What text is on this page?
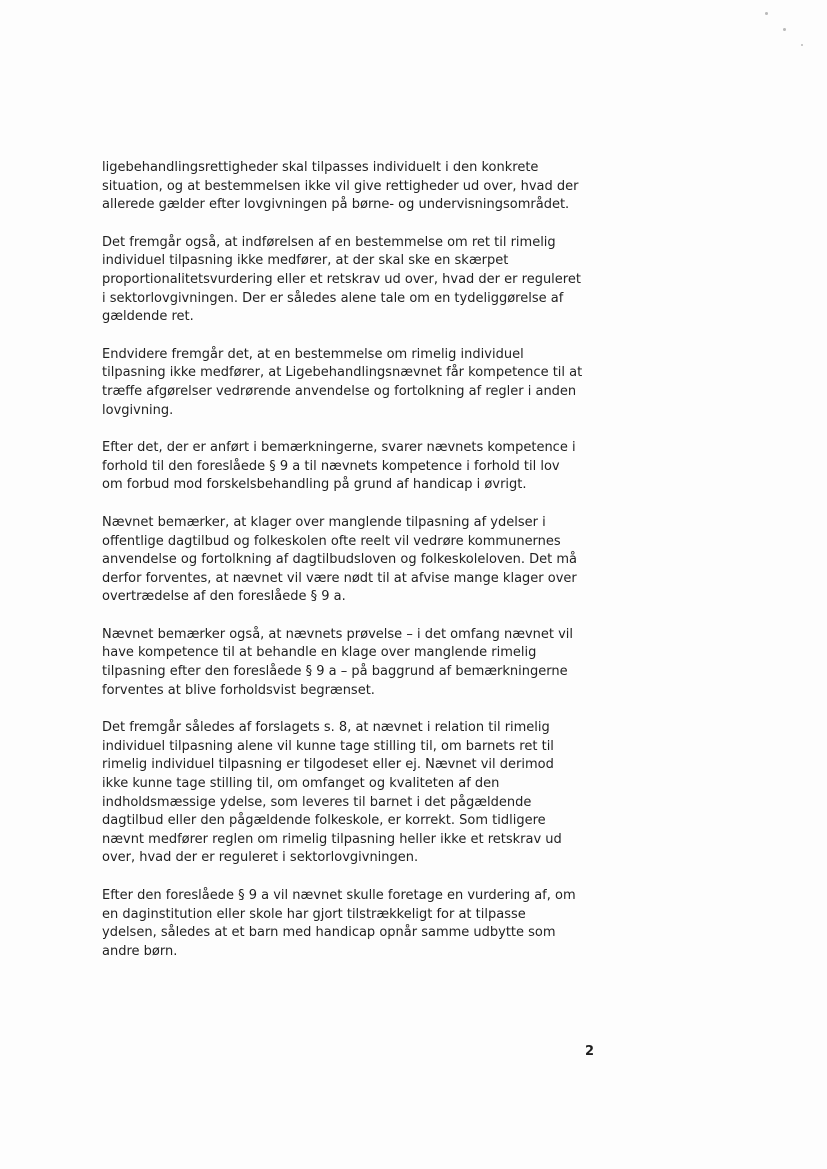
ligebehandlingsrettigheder skal tilpasses individuelt i den konkrete
situation, og at bestemmelsen ikke vil give rettigheder ud over, hvad der
allerede gælder efter lovgivningen på børne- og undervisningsområdet.

Det fremgår også, at indførelsen af en bestemmelse om ret til rimelig
individuel tilpasning ikke medfører, at der skal ske en skærpet
proportionalitetsvurdering eller et retskrav ud over, hvad der er reguleret
i sektorlovgivningen. Der er således alene tale om en tydeliggørelse af
gældende ret.

Endvidere fremgår det, at en bestemmelse om rimelig individuel
tilpasning ikke medfører, at Ligebehandlingsnævnet får kompetence til at
træffe afgørelser vedrørende anvendelse og fortolkning af regler i anden
lovgivning.

Efter det, der er anført i bemærkningerne, svarer nævnets kompetence i
forhold til den foreslåede § 9 a til nævnets kompetence i forhold til lov
om forbud mod forskelsbehandling på grund af handicap i øvrigt.

Nævnet bemærker, at klager over manglende tilpasning af ydelser i
offentlige dagtilbud og folkeskolen ofte reelt vil vedrøre kommunernes
anvendelse og fortolkning af dagtilbudsloven og folkeskoleloven. Det må
derfor forventes, at nævnet vil være nødt til at afvise mange klager over
overtrædelse af den foreslåede § 9 a.

Nævnet bemærker også, at nævnets prøvelse – i det omfang nævnet vil
have kompetence til at behandle en klage over manglende rimelig
tilpasning efter den foreslåede § 9 a – på baggrund af bemærkningerne
forventes at blive forholdsvist begrænset.

Det fremgår således af forslagets s. 8, at nævnet i relation til rimelig
individuel tilpasning alene vil kunne tage stilling til, om barnets ret til
rimelig individuel tilpasning er tilgodeset eller ej. Nævnet vil derimod
ikke kunne tage stilling til, om omfanget og kvaliteten af den
indholdsmæssige ydelse, som leveres til barnet i det pågældende
dagtilbud eller den pågældende folkeskole, er korrekt. Som tidligere
nævnt medfører reglen om rimelig tilpasning heller ikke et retskrav ud
over, hvad der er reguleret i sektorlovgivningen.

Efter den foreslåede § 9 a vil nævnet skulle foretage en vurdering af, om
en daginstitution eller skole har gjort tilstrækkeligt for at tilpasse
ydelsen, således at et barn med handicap opnår samme udbytte som
andre børn.

2
